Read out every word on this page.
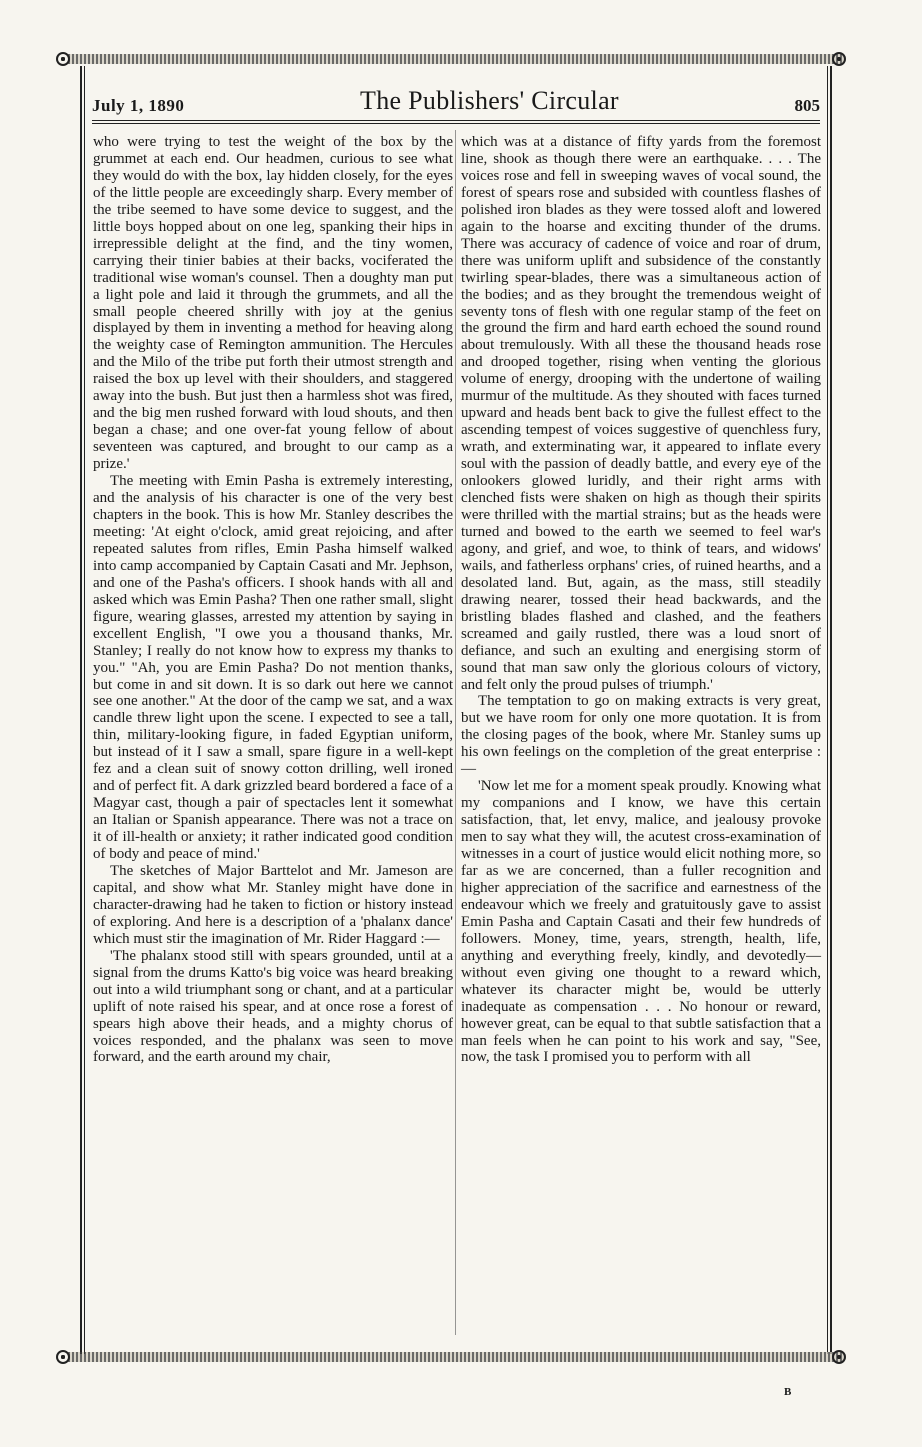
July 1, 1890	The Publishers' Circular	805

who were trying to test the weight of the box by the grummet at each end. Our headmen, curious to see what they would do with the box, lay hidden closely, for the eyes of the little people are exceedingly sharp. Every member of the tribe seemed to have some device to suggest, and the little boys hopped about on one leg, spanking their hips in irrepressible delight at the find, and the tiny women, carrying their tinier babies at their backs, vociferated the traditional wise woman's counsel. Then a doughty man put a light pole and laid it through the grummets, and all the small people cheered shrilly with joy at the genius displayed by them in inventing a method for heaving along the weighty case of Remington ammunition. The Hercules and the Milo of the tribe put forth their utmost strength and raised the box up level with their shoulders, and staggered away into the bush. But just then a harmless shot was fired, and the big men rushed forward with loud shouts, and then began a chase; and one over-fat young fellow of about seventeen was captured, and brought to our camp as a prize.'

The meeting with Emin Pasha is extremely interesting, and the analysis of his character is one of the very best chapters in the book. This is how Mr. Stanley describes the meeting: 'At eight o'clock, amid great rejoicing, and after repeated salutes from rifles, Emin Pasha himself walked into camp accompanied by Captain Casati and Mr. Jephson, and one of the Pasha's officers. I shook hands with all and asked which was Emin Pasha? Then one rather small, slight figure, wearing glasses, arrested my attention by saying in excellent English, "I owe you a thousand thanks, Mr. Stanley; I really do not know how to express my thanks to you." "Ah, you are Emin Pasha? Do not mention thanks, but come in and sit down. It is so dark out here we cannot see one another." At the door of the camp we sat, and a wax candle threw light upon the scene. I expected to see a tall, thin, military-looking figure, in faded Egyptian uniform, but instead of it I saw a small, spare figure in a well-kept fez and a clean suit of snowy cotton drilling, well ironed and of perfect fit. A dark grizzled beard bordered a face of a Magyar cast, though a pair of spectacles lent it somewhat an Italian or Spanish appearance. There was not a trace on it of ill-health or anxiety; it rather indicated good condition of body and peace of mind.'

The sketches of Major Barttelot and Mr. Jameson are capital, and show what Mr. Stanley might have done in character-drawing had he taken to fiction or history instead of exploring. And here is a description of a 'phalanx dance' which must stir the imagination of Mr. Rider Haggard :—

'The phalanx stood still with spears grounded, until at a signal from the drums Katto's big voice was heard breaking out into a wild triumphant song or chant, and at a particular uplift of note raised his spear, and at once rose a forest of spears high above their heads, and a mighty chorus of voices responded, and the phalanx was seen to move forward, and the earth around my chair,

which was at a distance of fifty yards from the foremost line, shook as though there were an earthquake. . . . The voices rose and fell in sweeping waves of vocal sound, the forest of spears rose and subsided with countless flashes of polished iron blades as they were tossed aloft and lowered again to the hoarse and exciting thunder of the drums. There was accuracy of cadence of voice and roar of drum, there was uniform uplift and subsidence of the constantly twirling spear-blades, there was a simultaneous action of the bodies; and as they brought the tremendous weight of seventy tons of flesh with one regular stamp of the feet on the ground the firm and hard earth echoed the sound round about tremulously. With all these the thousand heads rose and drooped together, rising when venting the glorious volume of energy, drooping with the undertone of wailing murmur of the multitude. As they shouted with faces turned upward and heads bent back to give the fullest effect to the ascending tempest of voices suggestive of quenchless fury, wrath, and exterminating war, it appeared to inflate every soul with the passion of deadly battle, and every eye of the onlookers glowed luridly, and their right arms with clenched fists were shaken on high as though their spirits were thrilled with the martial strains; but as the heads were turned and bowed to the earth we seemed to feel war's agony, and grief, and woe, to think of tears, and widows' wails, and fatherless orphans' cries, of ruined hearths, and a desolated land. But, again, as the mass, still steadily drawing nearer, tossed their head backwards, and the bristling blades flashed and clashed, and the feathers screamed and gaily rustled, there was a loud snort of defiance, and such an exulting and energising storm of sound that man saw only the glorious colours of victory, and felt only the proud pulses of triumph.'

The temptation to go on making extracts is very great, but we have room for only one more quotation. It is from the closing pages of the book, where Mr. Stanley sums up his own feelings on the completion of the great enterprise :—

'Now let me for a moment speak proudly. Knowing what my companions and I know, we have this certain satisfaction, that, let envy, malice, and jealousy provoke men to say what they will, the acutest cross-examination of witnesses in a court of justice would elicit nothing more, so far as we are concerned, than a fuller recognition and higher appreciation of the sacrifice and earnestness of the endeavour which we freely and gratuitously gave to assist Emin Pasha and Captain Casati and their few hundreds of followers. Money, time, years, strength, health, life, anything and everything freely, kindly, and devotedly—without even giving one thought to a reward which, whatever its character might be, would be utterly inadequate as compensation . . . No honour or reward, however great, can be equal to that subtle satisfaction that a man feels when he can point to his work and say, "See, now, the task I promised you to perform with all

B
